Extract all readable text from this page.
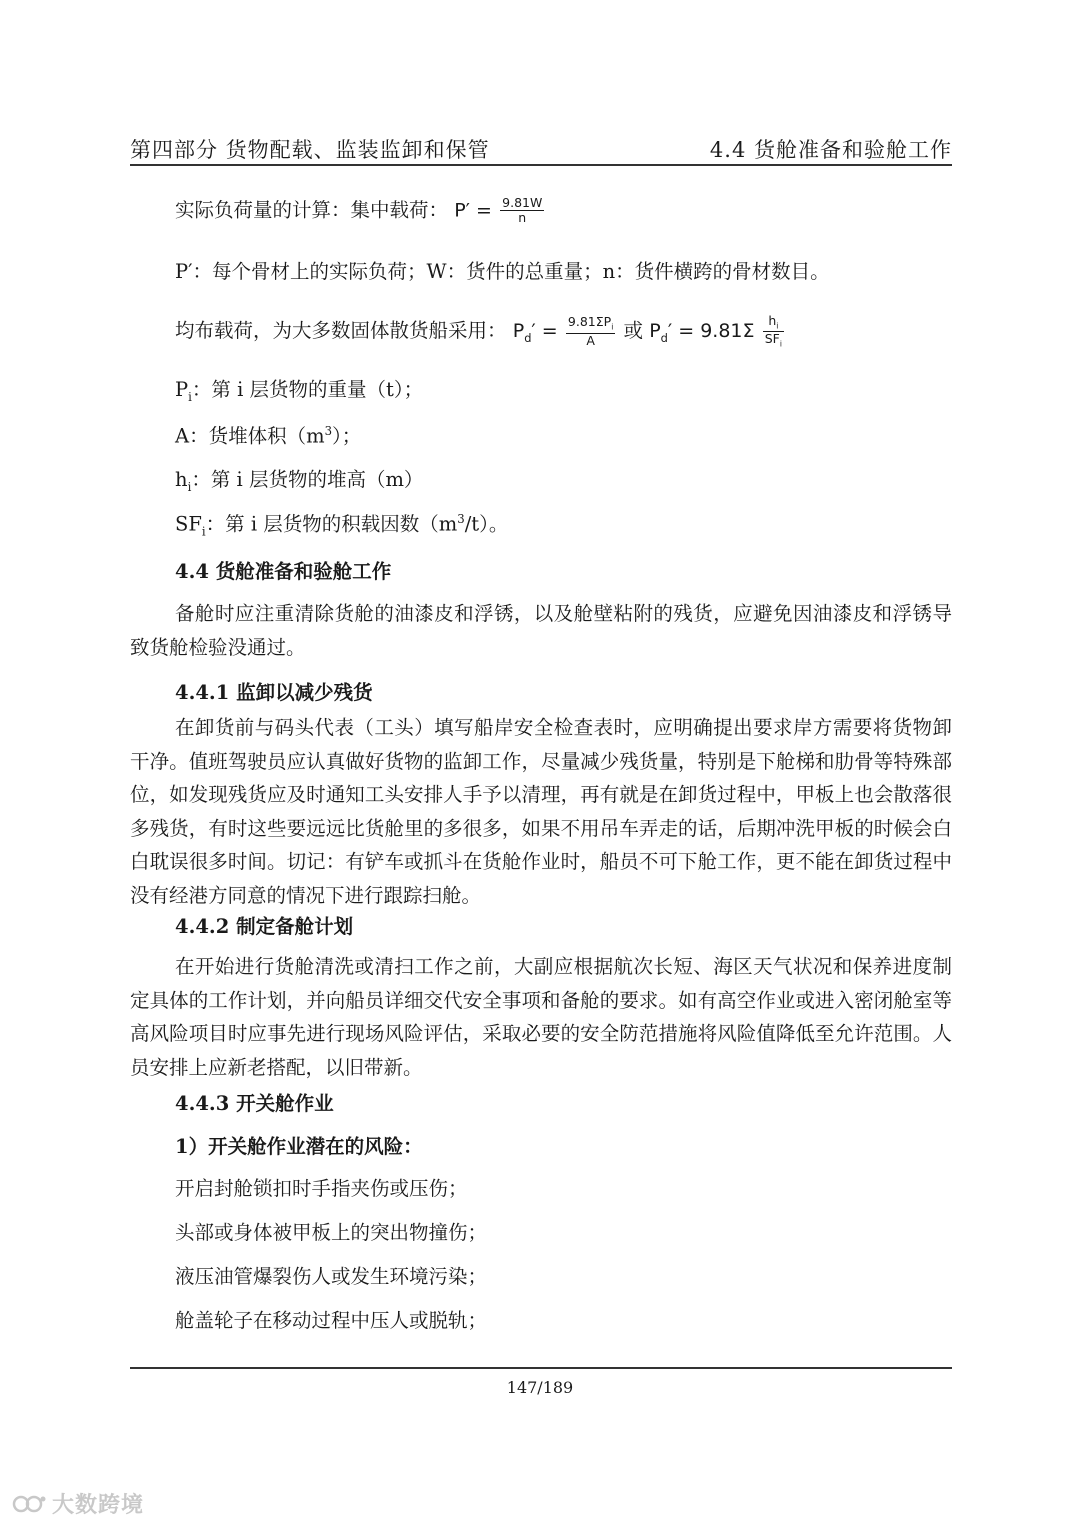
第四部分 货物配载、监装监卸和保管	4.4 货舱准备和验舱工作
实际负荷量的计算：集中载荷： $P' = \frac{9.81W}{n}$
P′：每个骨材上的实际负荷；W：货件的总重量；n：货件横跨的骨材数目。
均布载荷，为大多数固体散货船采用： $P_d' = \frac{9.81\Sigma P_i}{A}$ 或 $P_d' = 9.81\Sigma \frac{h_i}{SF_i}$
$P_i$：第 i 层货物的重量（t）；
A：货堆体积$(m^3)$；
$h_i$：第 i 层货物的堆高（m）
$SF_i$：第 i 层货物的积载因数$(m^3/t)$。
4.4 货舱准备和验舱工作
备舱时应注重清除货舱的油漆皮和浮锈，以及舱壁粘附的残货，应避免因油漆皮和浮锈导致货舱检验没通过。
4.4.1 监卸以减少残货
在卸货前与码头代表（工头）填写船岸安全检查表时，应明确提出要求岸方需要将货物卸干净。值班驾驶员应认真做好货物的监卸工作，尽量减少残货量，特别是下舱梯和肋骨等特殊部位，如发现残货应及时通知工头安排人手予以清理，再有就是在卸货过程中，甲板上也会散落很多残货，有时这些要远远比货舱里的多很多，如果不用吊车弄走的话，后期冲洗甲板的时候会白白耽误很多时间。切记：有铲车或抓斗在货舱作业时，船员不可下舱工作，更不能在卸货过程中没有经港方同意的情况下进行跟踪扫舱。
4.4.2 制定备舱计划
在开始进行货舱清洗或清扫工作之前，大副应根据航次长短、海区天气状况和保养进度制定具体的工作计划，并向船员详细交代安全事项和备舱的要求。如有高空作业或进入密闭舱室等高风险项目时应事先进行现场风险评估，采取必要的安全防范措施将风险值降低至允许范围。人员安排上应新老搭配，以旧带新。
4.4.3 开关舱作业
1）开关舱作业潜在的风险：
开启封舱锁扣时手指夹伤或压伤；
头部或身体被甲板上的突出物撞伤；
液压油管爆裂伤人或发生环境污染；
舱盖轮子在移动过程中压人或脱轨；
147/189
大数跨境
